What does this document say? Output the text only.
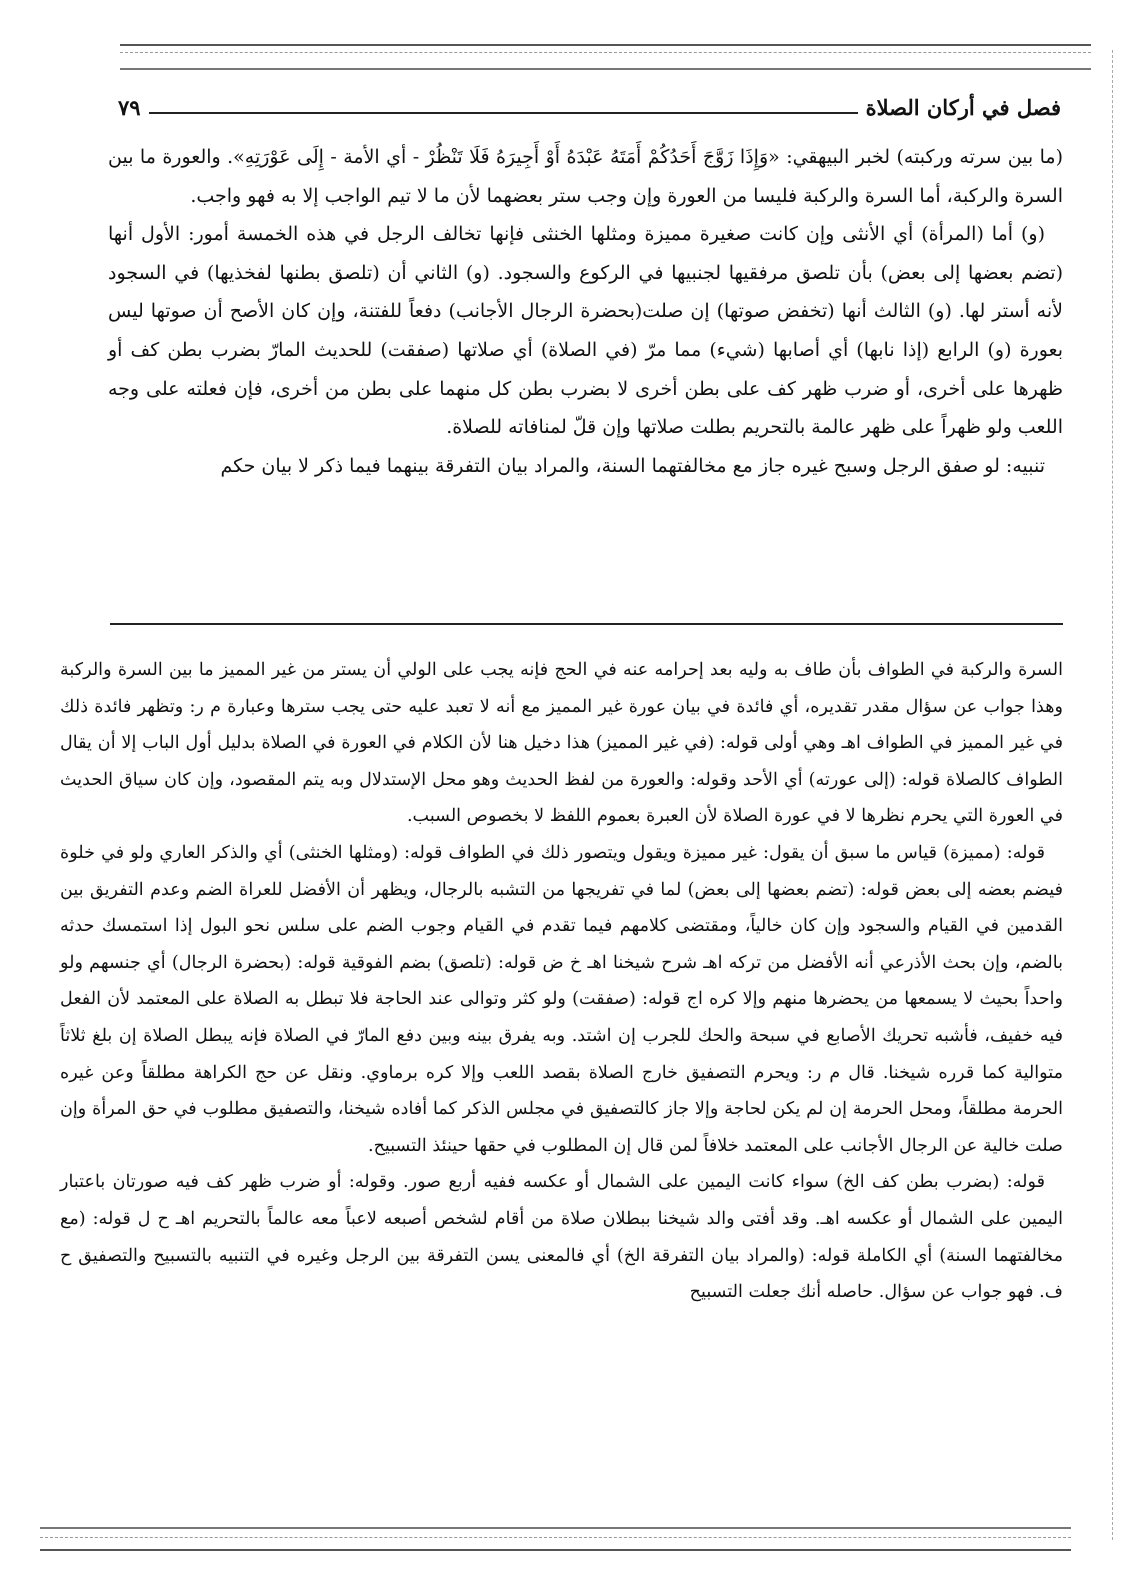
فصل في أركان الصلاة
٧٩

(ما بين سرته وركبته) لخبر البيهقي: «وَإِذَا زَوَّجَ أَحَدُكُمْ أَمَتَهُ عَبْدَهُ أَوْ أَجِيرَهُ فَلَا تَنْظُرْ - أي الأمة - إِلَى عَوْرَتِهِ». والعورة ما بين السرة والركبة، أما السرة والركبة فليسا من العورة وإن وجب ستر بعضهما لأن ما لا تيم الواجب إلا به فهو واجب.

(و) أما (المرأة) أي الأنثى وإن كانت صغيرة مميزة ومثلها الخنثى فإنها تخالف الرجل في هذه الخمسة أمور: الأول أنها (تضم بعضها إلى بعض) بأن تلصق مرفقيها لجنبيها في الركوع والسجود. (و) الثاني أن (تلصق بطنها لفخذيها) في السجود لأنه أستر لها. (و) الثالث أنها (تخفض صوتها) إن صلت(بحضرة الرجال الأجانب) دفعاً للفتنة، وإن كان الأصح أن صوتها ليس بعورة (و) الرابع (إذا نابها) أي أصابها (شيء) مما مرّ (في الصلاة) أي صلاتها (صفقت) للحديث المارّ بضرب بطن كف أو ظهرها على أخرى، أو ضرب ظهر كف على بطن أخرى لا بضرب بطن كل منهما على بطن من أخرى، فإن فعلته على وجه اللعب ولو ظهراً على ظهر عالمة بالتحريم بطلت صلاتها وإن قلّ لمنافاته للصلاة.

تنبيه: لو صفق الرجل وسبح غيره جاز مع مخالفتهما السنة، والمراد بيان التفرقة بينهما فيما ذكر لا بيان حكم

السرة والركبة في الطواف بأن طاف به وليه بعد إحرامه عنه في الحج فإنه يجب على الولي أن يستر من غير المميز ما بين السرة والركبة وهذا جواب عن سؤال مقدر تقديره، أي فائدة في بيان عورة غير المميز مع أنه لا تعبد عليه حتى يجب سترها وعبارة م ر: وتظهر فائدة ذلك في غير المميز في الطواف اهـ وهي أولى قوله: (في غير المميز) هذا دخيل هنا لأن الكلام في العورة في الصلاة بدليل أول الباب إلا أن يقال الطواف كالصلاة قوله: (إلى عورته) أي الأحد وقوله: والعورة من لفظ الحديث وهو محل الإستدلال وبه يتم المقصود، وإن كان سياق الحديث في العورة التي يحرم نظرها لا في عورة الصلاة لأن العبرة بعموم اللفظ لا بخصوص السبب.

قوله: (مميزة) قياس ما سبق أن يقول: غير مميزة ويقول ويتصور ذلك في الطواف قوله: (ومثلها الخنثى) أي والذكر العاري ولو في خلوة فيضم بعضه إلى بعض قوله: (تضم بعضها إلى بعض) لما في تفريجها من التشبه بالرجال، ويظهر أن الأفضل للعراة الضم وعدم التفريق بين القدمين في القيام والسجود وإن كان خالياً، ومقتضى كلامهم فيما تقدم في القيام وجوب الضم على سلس نحو البول إذا استمسك حدثه بالضم، وإن بحث الأذرعي أنه الأفضل من تركه اهـ شرح شيخنا اهـ خ ض قوله: (تلصق) بضم الفوقية قوله: (بحضرة الرجال) أي جنسهم ولو واحداً بحيث لا يسمعها من يحضرها منهم وإلا كره اج قوله: (صفقت) ولو كثر وتوالى عند الحاجة فلا تبطل به الصلاة على المعتمد لأن الفعل فيه خفيف، فأشبه تحريك الأصابع في سبحة والحك للجرب إن اشتد. وبه يفرق بينه وبين دفع المارّ في الصلاة فإنه يبطل الصلاة إن بلغ ثلاثاً متوالية كما قرره شيخنا. قال م ر: ويحرم التصفيق خارج الصلاة بقصد اللعب وإلا كره برماوي. ونقل عن حج الكراهة مطلقاً وعن غيره الحرمة مطلقاً، ومحل الحرمة إن لم يكن لحاجة وإلا جاز كالتصفيق في مجلس الذكر كما أفاده شيخنا، والتصفيق مطلوب في حق المرأة وإن صلت خالية عن الرجال الأجانب على المعتمد خلافاً لمن قال إن المطلوب في حقها حينئذ التسبيح.

قوله: (بضرب بطن كف الخ) سواء كانت اليمين على الشمال أو عكسه ففيه أربع صور. وقوله: أو ضرب ظهر كف فيه صورتان باعتبار اليمين على الشمال أو عكسه اهـ. وقد أفتى والد شيخنا ببطلان صلاة من أقام لشخص أصبعه لاعباً معه عالماً بالتحريم اهـ ح ل قوله: (مع مخالفتهما السنة) أي الكاملة قوله: (والمراد بيان التفرقة الخ) أي فالمعنى يسن التفرقة بين الرجل وغيره في التنبيه بالتسبيح والتصفيق ح ف. فهو جواب عن سؤال. حاصله أنك جعلت التسبيح
